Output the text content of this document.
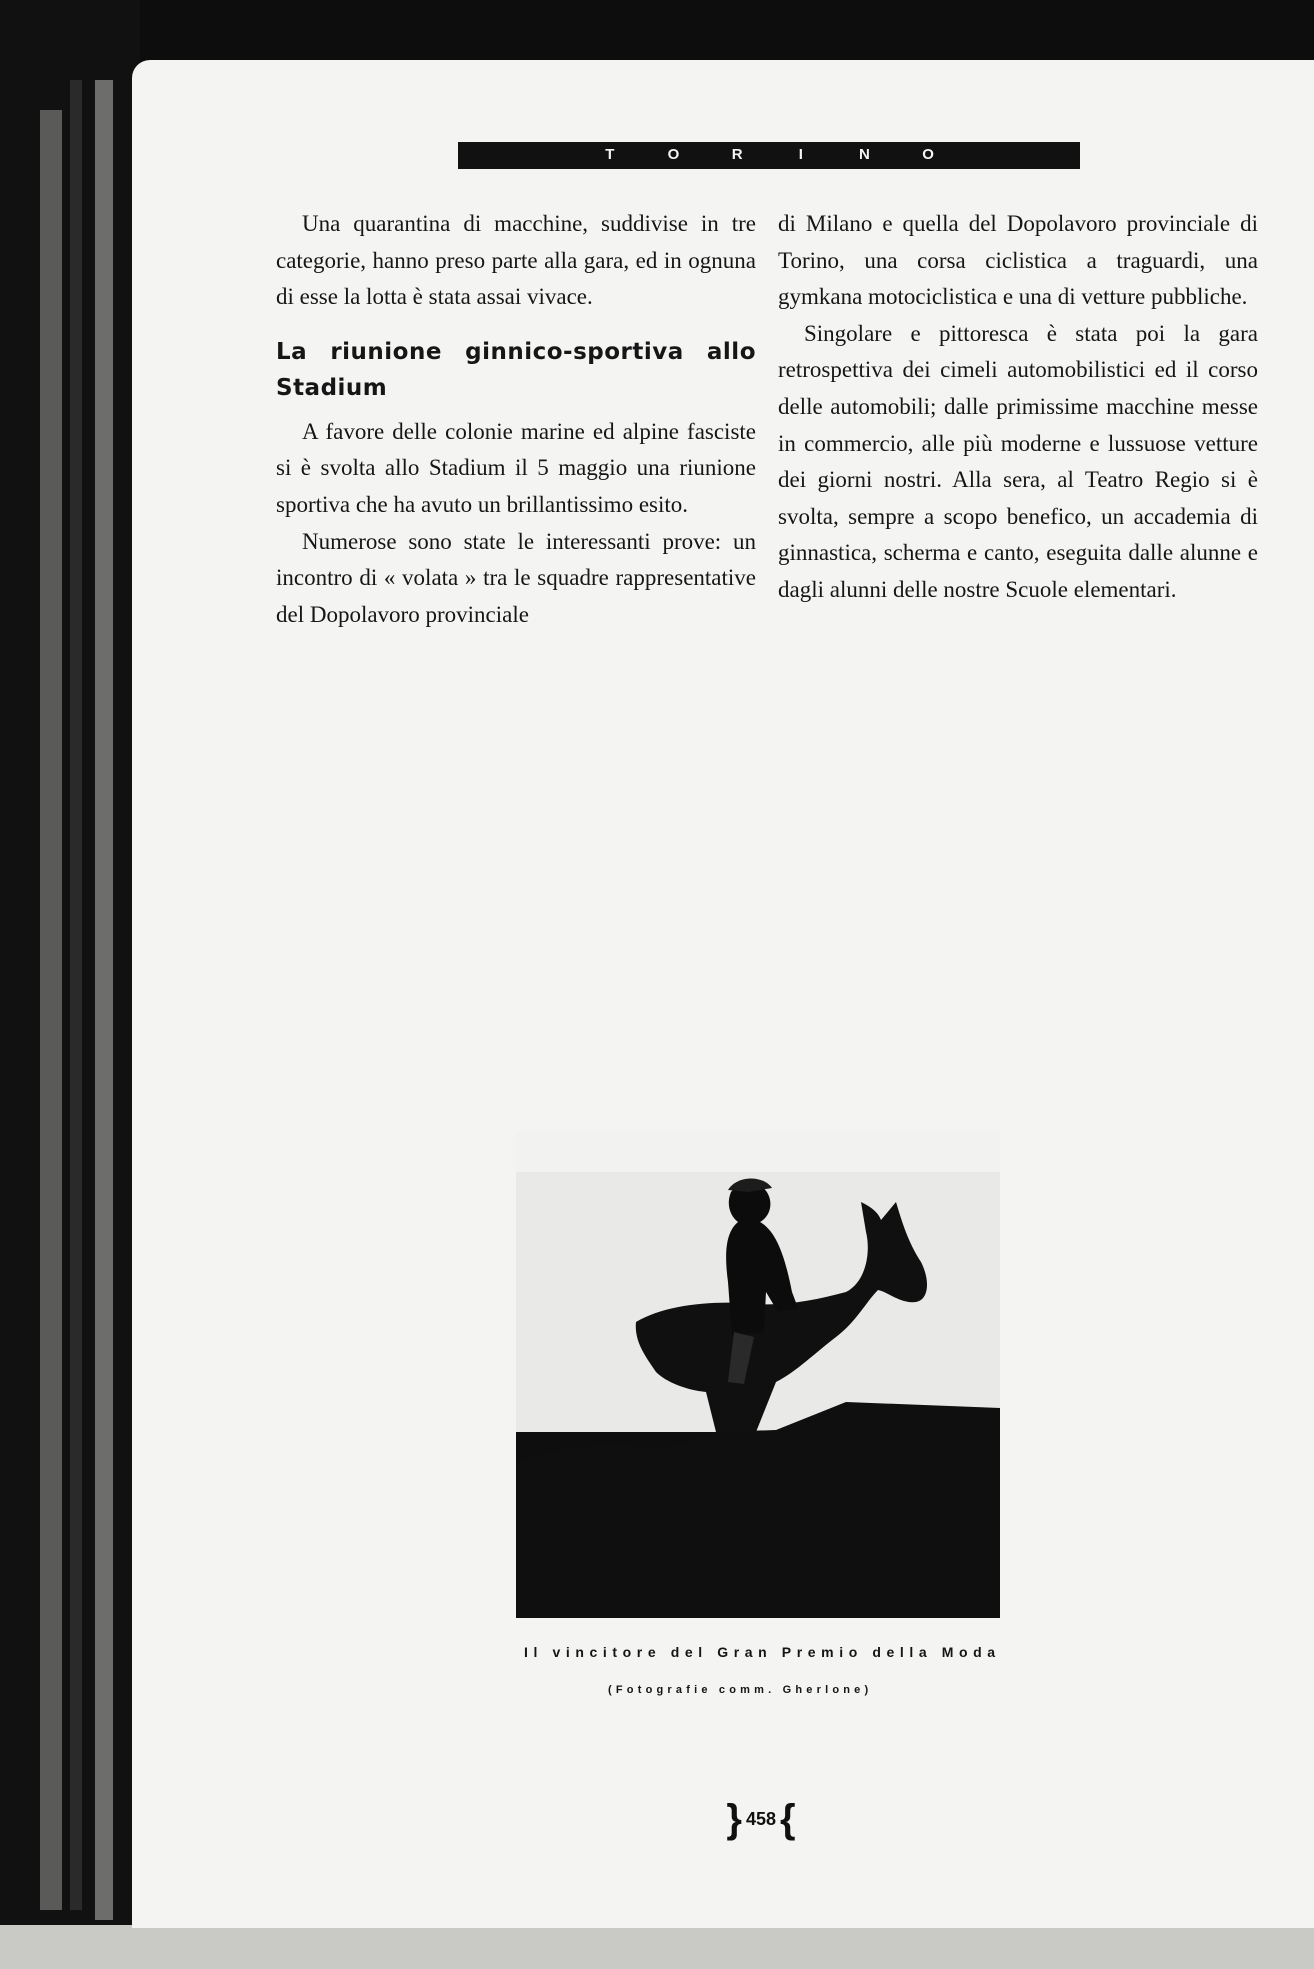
T	O	R	I	N	O

Una quarantina di macchine, suddivise in tre categorie, hanno preso parte alla gara, ed in ognuna di esse la lotta è stata assai vivace.

La riunione ginnico-sportiva allo Stadium

A favore delle colonie marine ed alpine fasciste si è svolta allo Stadium il 5 maggio una riunione sportiva che ha avuto un brillantissimo esito.

Numerose sono state le interessanti prove: un incontro di « volata » tra le squadre rappresentative del Dopolavoro provinciale

di Milano e quella del Dopolavoro provinciale di Torino, una corsa ciclistica a traguardi, una gymkana motociclistica e una di vetture pubbliche.

Singolare e pittoresca è stata poi la gara retrospettiva dei cimeli automobilistici ed il corso delle automobili; dalle primissime macchine messe in commercio, alle più moderne e lussuose vetture dei giorni nostri. Alla sera, al Teatro Regio si è svolta, sempre a scopo benefico, un accademia di ginnastica, scherma e canto, eseguita dalle alunne e dagli alunni delle nostre Scuole elementari.

Il vincitore del Gran Premio della Moda
(Fotografie comm. Gherlone)
} 458 {
